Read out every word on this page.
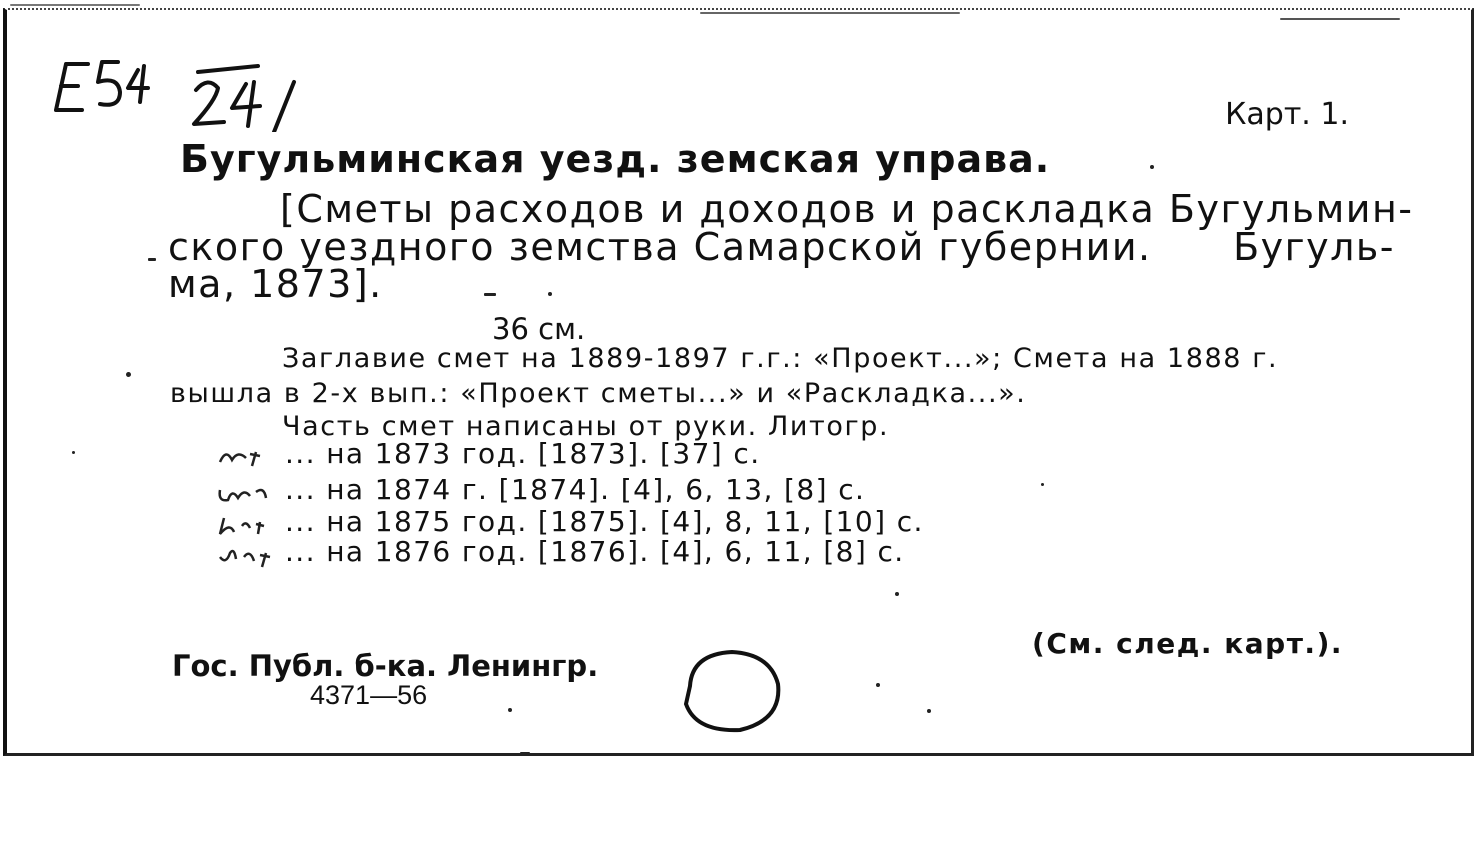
Карт. 1.
Бугульминская уезд. земская управа.
[Сметы расходов и доходов и раскладка Бугульмин-
ского уездного земства Самарской губернии.      Бугуль-
ма, 1873].
36 см.
Заглавие смет на 1889-1897 г.г.: «Проект...»; Смета на 1888 г.
вышла в 2-х вып.: «Проект сметы...» и «Раскладка...».
Часть смет написаны от руки. Литогр.
... на 1873 год. [1873]. [37] с.
... на 1874 г. [1874]. [4], 6, 13, [8] с.
... на 1875 год. [1875]. [4], 8, 11, [10] с.
... на 1876 год. [1876]. [4], 6, 11, [8] с.
(См. след. карт.).
Гос. Публ. б-ка. Ленингр.
4371—56
